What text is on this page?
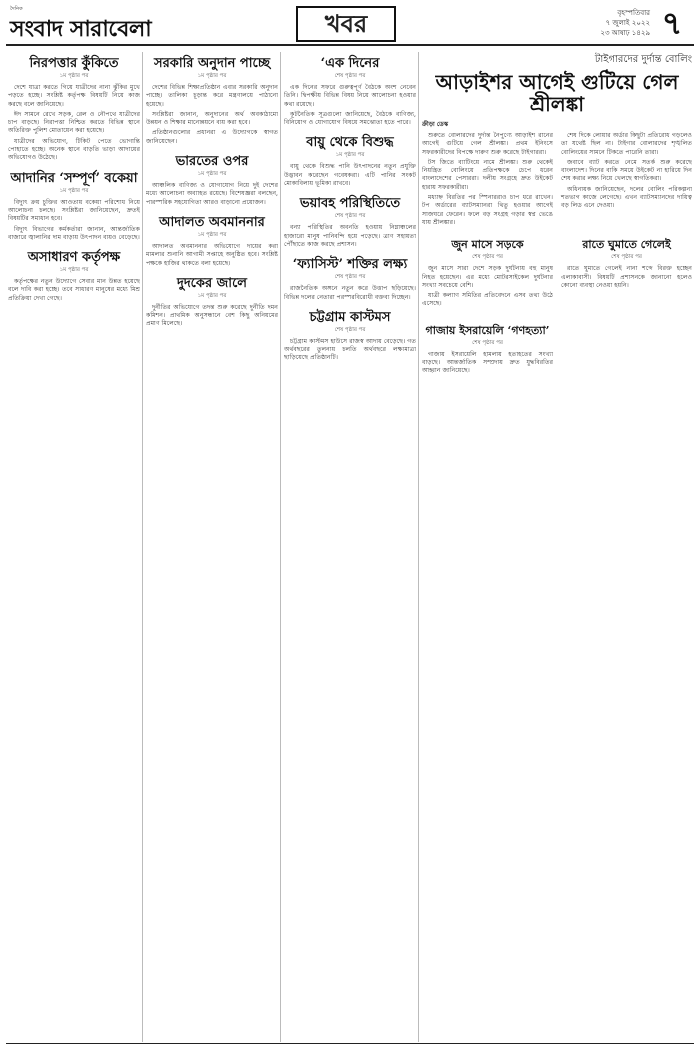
দৈনিক
সংবাদ সারাবেলা	খবর	বৃহস্পতিবার
৭ জুলাই ২০২২
২৩ আষাঢ় ১৪২৯ ৭
নিরপত্তার কুঁকিতে
১ম পৃষ্ঠার পর

দেশে যাত্রা করতে গিয়ে যাত্রীদের নানা ঝুঁকির মুখে পড়তে হচ্ছে। সংশ্লিষ্ট কর্তৃপক্ষ বিষয়টি নিয়ে কাজ করছে বলে জানিয়েছে।

ঈদ সামনে রেখে সড়ক, রেল ও নৌপথে যাত্রীদের চাপ বাড়ছে। নিরাপত্তা নিশ্চিত করতে বিভিন্ন স্থানে অতিরিক্ত পুলিশ মোতায়েন করা হয়েছে।

যাত্রীদের অভিযোগ, টিকিট পেতে ভোগান্তি পোহাতে হচ্ছে। অনেক স্থানে বাড়তি ভাড়া আদায়ের অভিযোগও উঠেছে।

আদানির ‘সম্পূর্ণ’ বকেয়া
১ম পৃষ্ঠার পর

বিদ্যুৎ ক্রয় চুক্তির আওতায় বকেয়া পরিশোধ নিয়ে আলোচনা চলছে। সংশ্লিষ্টরা জানিয়েছেন, দ্রুতই বিষয়টির সমাধান হবে।

বিদ্যুৎ বিভাগের কর্মকর্তারা জানান, আন্তর্জাতিক বাজারে জ্বালানির দাম বাড়ায় উৎপাদন ব্যয়ও বেড়েছে।

অসাধারণ কর্তৃপক্ষ
১ম পৃষ্ঠার পর

কর্তৃপক্ষের নতুন উদ্যোগে সেবার মান উন্নত হয়েছে বলে দাবি করা হচ্ছে। তবে সাধারণ মানুষের মধ্যে মিশ্র প্রতিক্রিয়া দেখা গেছে।

সরকারি অনুদান পাচ্ছে
১ম পৃষ্ঠার পর

দেশের বিভিন্ন শিক্ষাপ্রতিষ্ঠান এবার সরকারি অনুদান পাচ্ছে। তালিকা চূড়ান্ত করে মন্ত্রণালয়ে পাঠানো হয়েছে।

সংশ্লিষ্টরা জানান, অনুদানের অর্থ অবকাঠামো উন্নয়ন ও শিক্ষার মানোন্নয়নে ব্যয় করা হবে।

প্রতিষ্ঠানগুলোর প্রধানরা এ উদ্যোগকে স্বাগত জানিয়েছেন।

ভারতের ওপর
১ম পৃষ্ঠার পর

আঞ্চলিক বাণিজ্য ও যোগাযোগ নিয়ে দুই দেশের মধ্যে আলোচনা অব্যাহত রয়েছে। বিশেষজ্ঞরা বলছেন, পারস্পরিক সহযোগিতা আরও বাড়ানো প্রয়োজন।

আদালত অবমাননার
১ম পৃষ্ঠার পর

আদালত অবমাননার অভিযোগে দায়ের করা মামলার শুনানি আগামী সপ্তাহে অনুষ্ঠিত হবে। সংশ্লিষ্ট পক্ষকে হাজির থাকতে বলা হয়েছে।

দুদকের জালে
১ম পৃষ্ঠার পর

দুর্নীতির অভিযোগে তদন্ত শুরু করেছে দুর্নীতি দমন কমিশন। প্রাথমিক অনুসন্ধানে বেশ কিছু অনিয়মের প্রমাণ মিলেছে।

‘এক দিনের
শেষ পৃষ্ঠার পর

এক দিনের সফরে গুরুত্বপূর্ণ বৈঠকে অংশ নেবেন তিনি। দ্বিপক্ষীয় বিভিন্ন বিষয় নিয়ে আলোচনা হওয়ার কথা রয়েছে।

কূটনৈতিক সূত্রগুলো জানিয়েছে, বৈঠকে বাণিজ্য, বিনিয়োগ ও যোগাযোগ বিষয়ে সমঝোতা হতে পারে।

বায়ু থেকে বিশুদ্ধ
১ম পৃষ্ঠার পর

বায়ু থেকে বিশুদ্ধ পানি উৎপাদনের নতুন প্রযুক্তি উদ্ভাবন করেছেন গবেষকরা। এটি পানির সংকট মোকাবিলায় ভূমিকা রাখবে।

ভয়াবহ পরিস্থিতিতে
শেষ পৃষ্ঠার পর

বন্যা পরিস্থিতির অবনতি হওয়ায় নিম্নাঞ্চলের হাজারো মানুষ পানিবন্দি হয়ে পড়েছে। ত্রাণ সহায়তা পৌঁছাতে কাজ করছে প্রশাসন।

‘ফ্যাসিস্ট’ শক্তির লক্ষ্য
শেষ পৃষ্ঠার পর

রাজনৈতিক অঙ্গনে নতুন করে উত্তাপ ছড়িয়েছে। বিভিন্ন দলের নেতারা পরস্পরবিরোধী বক্তব্য দিচ্ছেন।

চট্টগ্রাম কাস্টমস
শেষ পৃষ্ঠার পর

চট্টগ্রাম কাস্টমস হাউসে রাজস্ব আদায় বেড়েছে। গত অর্থবছরের তুলনায় চলতি অর্থবছরে লক্ষ্যমাত্রা ছাড়িয়েছে প্রতিষ্ঠানটি।

টাইগারদের দুর্দান্ত বোলিং
আড়াইশর আগেই গুটিয়ে গেল শ্রীলঙ্কা
ক্রীড়া ডেস্ক

শুরুতে বোলারদের দুর্দান্ত নৈপুণ্যে আড়াইশ রানের আগেই গুটিয়ে গেল শ্রীলঙ্কা। প্রথম ইনিংসে সফরকারীদের বিপক্ষে দারুণ শুরু করেছে টাইগাররা।

টস জিতে ব্যাটিংয়ে নামে শ্রীলঙ্কা। শুরু থেকেই নিয়ন্ত্রিত বোলিংয়ে প্রতিপক্ষকে চেপে ধরেন বাংলাদেশের পেসাররা। দলীয় সংগ্রহে দ্রুত উইকেট হারায় সফরকারীরা।

মধ্যাহ্ন বিরতির পর স্পিনাররাও চাপ ধরে রাখেন। টপ অর্ডারের ব্যাটসম্যানরা থিতু হওয়ার আগেই সাজঘরে ফেরেন। ফলে বড় সংগ্রহ গড়ার স্বপ্ন ভেঙে যায় শ্রীলঙ্কার।

শেষ দিকে লোয়ার অর্ডার কিছুটা প্রতিরোধ গড়লেও তা যথেষ্ট ছিল না। টাইগার বোলারদের শৃঙ্খলিত বোলিংয়ের সামনে টিকতে পারেনি তারা।

জবাবে ব্যাট করতে নেমে সতর্ক শুরু করেছে বাংলাদেশ। দিনের বাকি সময়ে উইকেট না হারিয়ে দিন শেষ করার লক্ষ্য নিয়ে খেলছে স্বাগতিকরা।

অধিনায়ক জানিয়েছেন, দলের বোলিং পরিকল্পনা শতভাগ কাজে লেগেছে। এখন ব্যাটসম্যানদের দায়িত্ব বড় লিড এনে দেওয়া।

জুন মাসে সড়কে
শেষ পৃষ্ঠার পর

জুন মাসে সারা দেশে সড়ক দুর্ঘটনায় বহু মানুষ নিহত হয়েছেন। এর মধ্যে মোটরসাইকেল দুর্ঘটনার সংখ্যা সবচেয়ে বেশি।

যাত্রী কল্যাণ সমিতির প্রতিবেদনে এসব তথ্য উঠে এসেছে।

রাতে ঘুমাতে গেলেই
শেষ পৃষ্ঠার পর

রাতে ঘুমাতে গেলেই নানা শব্দে বিরক্ত হচ্ছেন এলাকাবাসী। বিষয়টি প্রশাসনকে জানানো হলেও কোনো ব্যবস্থা নেওয়া হয়নি।

গাজায় ইসরায়েলি ‘গণহত্যা’
শেষ পৃষ্ঠার পর

গাজায় ইসরায়েলি হামলায় হতাহতের সংখ্যা বাড়ছে। আন্তর্জাতিক সম্প্রদায় দ্রুত যুদ্ধবিরতির আহ্বান জানিয়েছে।
